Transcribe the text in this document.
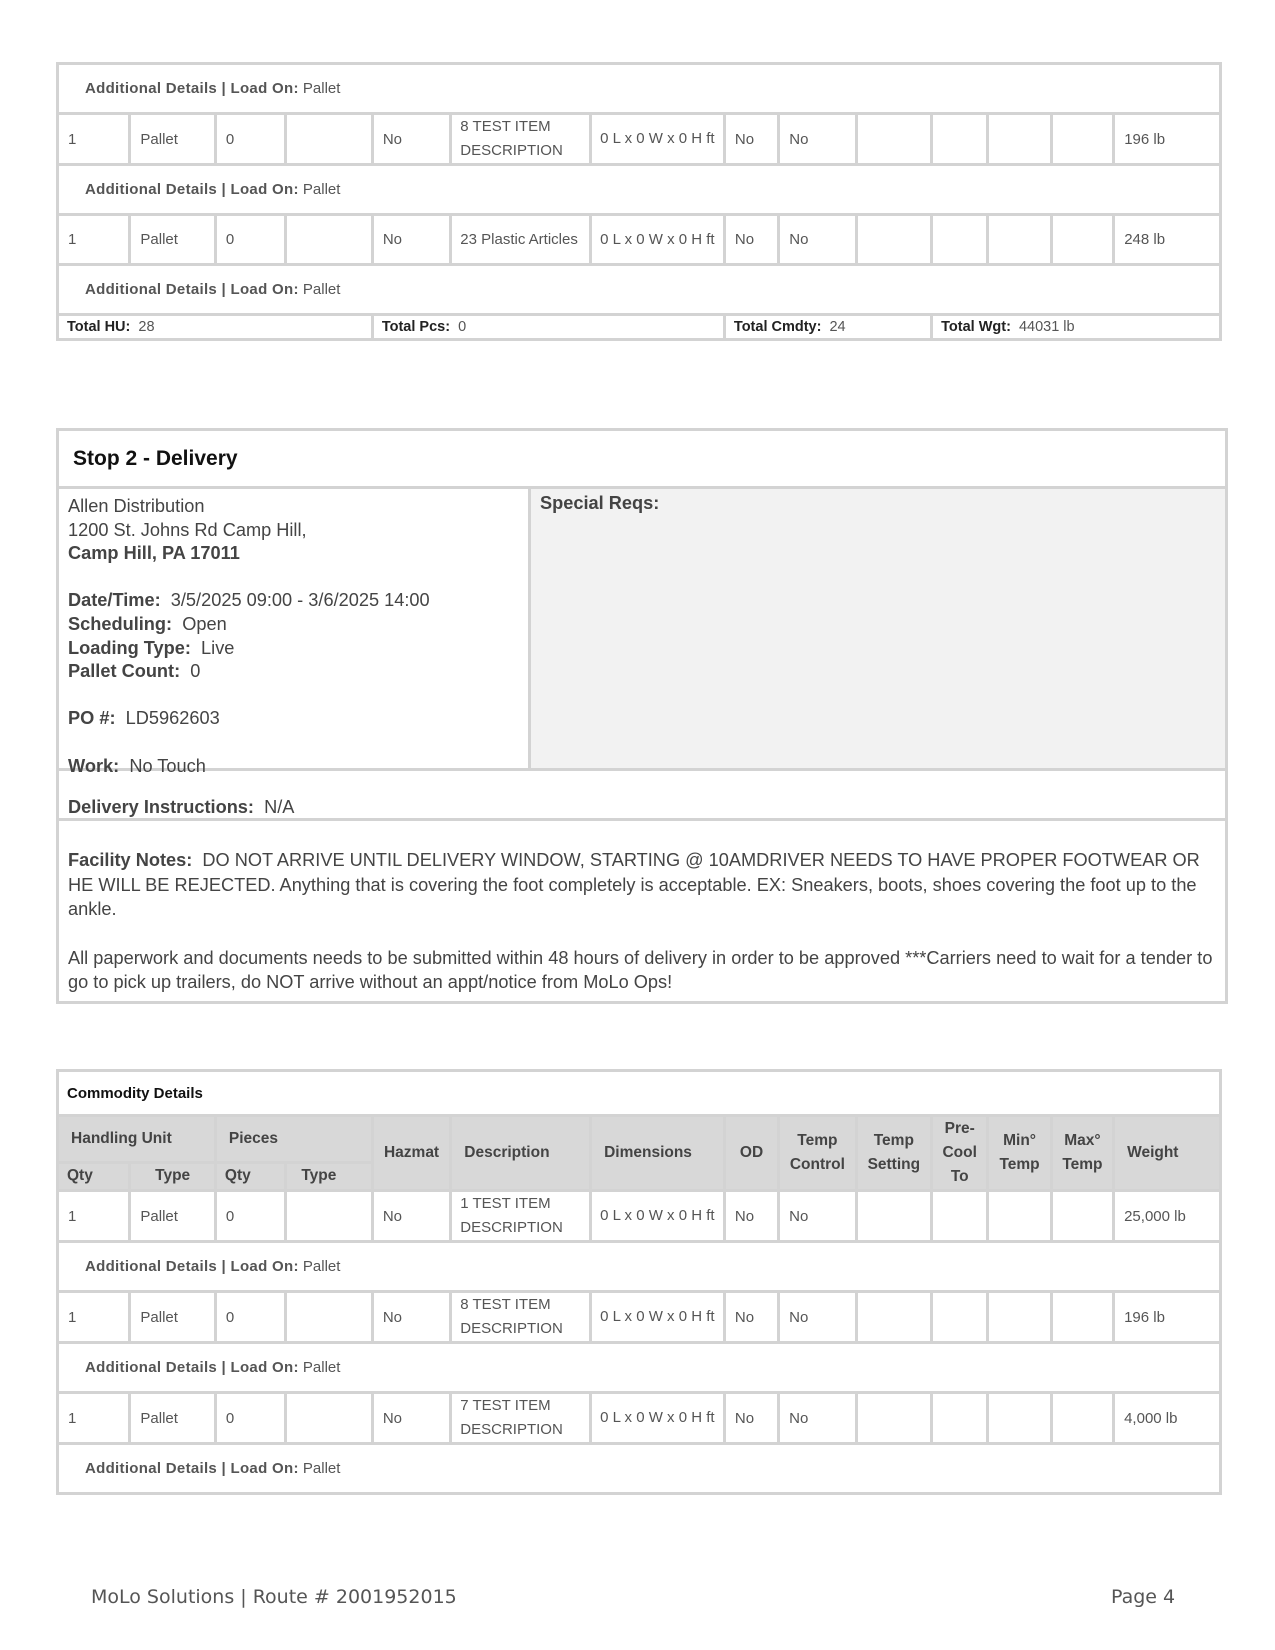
Additional Details | Load On: Pallet													
1	Pallet	0		No	8 TEST ITEM DESCRIPTION	0 L x 0 W x 0 H ft	No	No					196 lb
Additional Details | Load On: Pallet													
1	Pallet	0		No	23 Plastic Articles	0 L x 0 W x 0 H ft	No	No					248 lb
Additional Details | Load On: Pallet													
Total HU: 28				Total Pcs: 0			Total Cmdty: 24			Total Wgt: 44031 lb			
Stop 2 - Delivery
Allen Distribution
1200 St. Johns Rd Camp Hill,
Camp Hill, PA 17011
Date/Time: 3/5/2025 09:00 - 3/6/2025 14:00
Scheduling: Open
Loading Type: Live
Pallet Count: 0
PO #: LD5962603
Work: No Touch
Special Reqs:
Delivery Instructions: N/A

Facility Notes: DO NOT ARRIVE UNTIL DELIVERY WINDOW, STARTING @ 10AMDRIVER NEEDS TO HAVE PROPER FOOTWEAR OR HE WILL BE REJECTED. Anything that is covering the foot completely is acceptable. EX: Sneakers, boots, shoes covering the foot up to the ankle.

All paperwork and documents needs to be submitted within 48 hours of delivery in order to be approved ***Carriers need to wait for a tender to go to pick up trailers, do NOT arrive without an appt/notice from MoLo Ops!

Commodity Details													
Handling Unit		Pieces		Hazmat	Description	Dimensions	OD	Temp Control	Temp Setting	Pre-Cool To	Min° Temp	Max° Temp	Weight
Qty	Type	Qty	Type										
1	Pallet	0		No	1 TEST ITEM DESCRIPTION	0 L x 0 W x 0 H ft	No	No					25,000 lb
Additional Details | Load On: Pallet													
1	Pallet	0		No	8 TEST ITEM DESCRIPTION	0 L x 0 W x 0 H ft	No	No					196 lb
Additional Details | Load On: Pallet													
1	Pallet	0		No	7 TEST ITEM DESCRIPTION	0 L x 0 W x 0 H ft	No	No					4,000 lb
Additional Details | Load On: Pallet													
MoLo Solutions | Route # 2001952015	Page 4
